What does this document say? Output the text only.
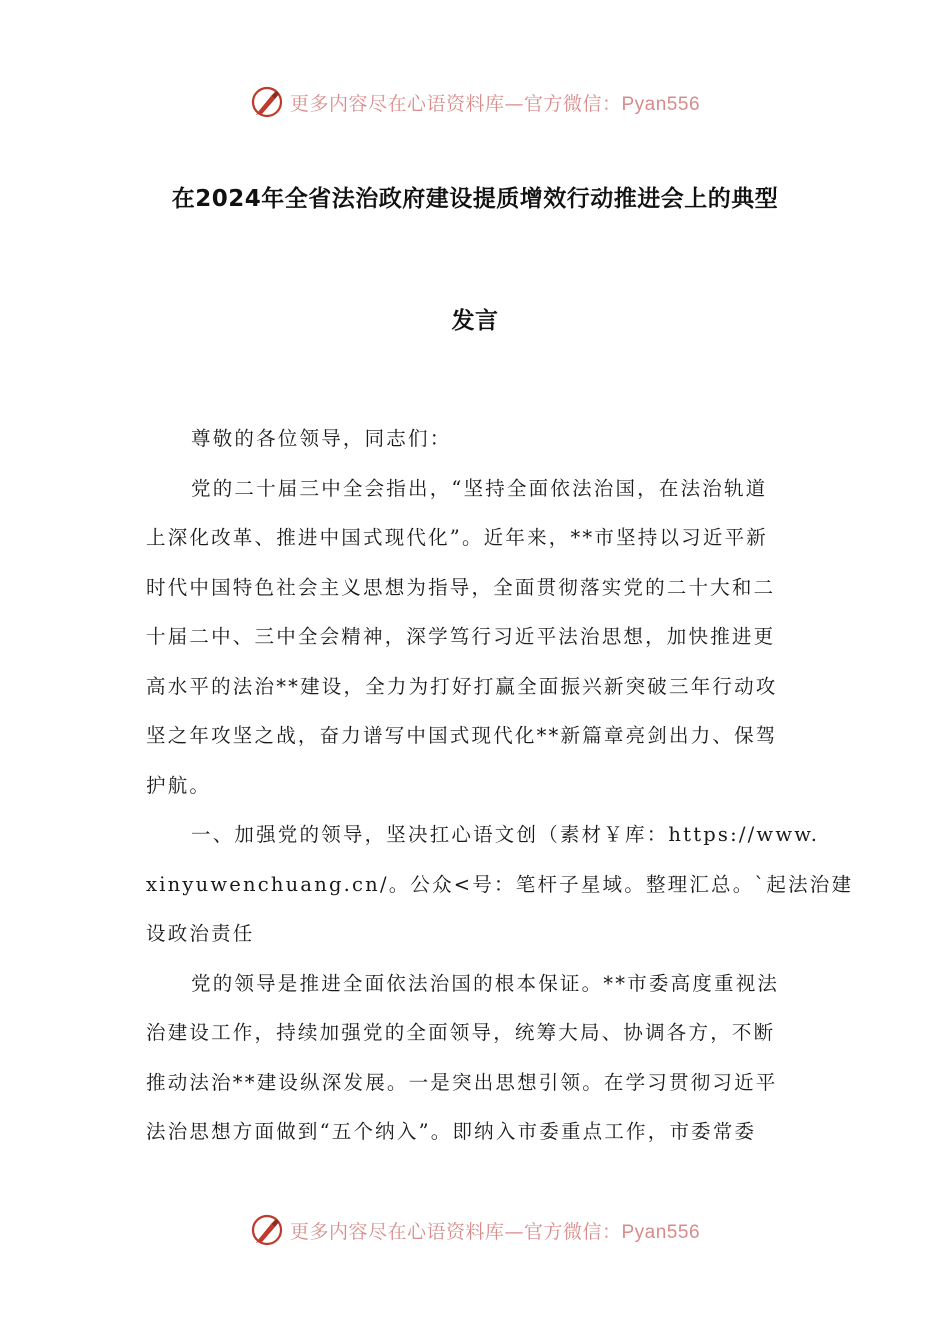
更多内容尽在心语资料库—官方微信：Pyan556
在2024年全省法治政府建设提质增效行动推进会上的典型
发言

尊敬的各位领导，同志们：

党的二十届三中全会指出，“坚持全面依法治国，在法治轨道
上深化改革、推进中国式现代化”。近年来，**市坚持以习近平新
时代中国特色社会主义思想为指导，全面贯彻落实党的二十大和二
十届二中、三中全会精神，深学笃行习近平法治思想，加快推进更
高水平的法治**建设，全力为打好打赢全面振兴新突破三年行动攻
坚之年攻坚之战，奋力谱写中国式现代化**新篇章亮剑出力、保驾
护航。

一、加强党的领导，坚决扛心语文创（素材￥库：https://www.
xinyuwenchuang.cn/。公众<号：笔杆子星域。整理汇总。`起法治建
设政治责任

党的领导是推进全面依法治国的根本保证。**市委高度重视法
治建设工作，持续加强党的全面领导，统筹大局、协调各方，不断
推动法治**建设纵深发展。一是突出思想引领。在学习贯彻习近平
法治思想方面做到“五个纳入”。即纳入市委重点工作，市委常委

更多内容尽在心语资料库—官方微信：Pyan556
